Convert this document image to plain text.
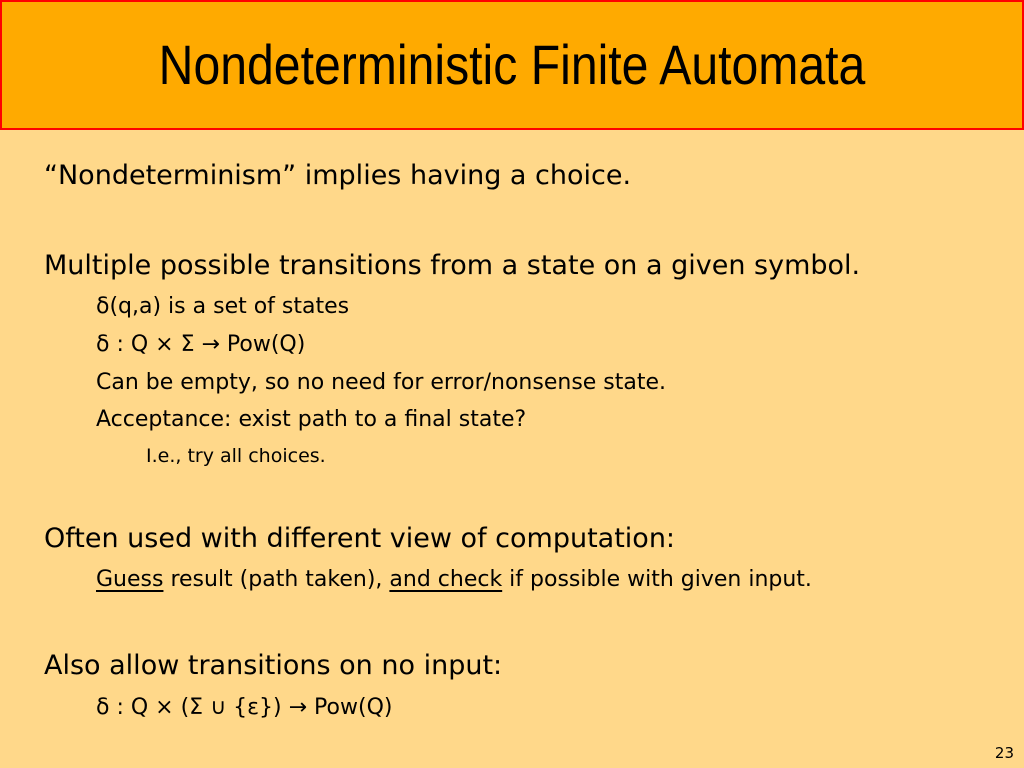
Nondeterministic Finite Automata
“Nondeterminism” implies having a choice.
Multiple possible transitions from a state on a given symbol.
δ(q,a) is a set of states
δ : Q × Σ → Pow(Q)
Can be empty, so no need for error/nonsense state.
Acceptance: exist path to a final state?
I.e., try all choices.
Often used with different view of computation:
Guess result (path taken), and check if possible with given input.
Also allow transitions on no input:
δ : Q × (Σ ∪ {ε}) → Pow(Q)
23
